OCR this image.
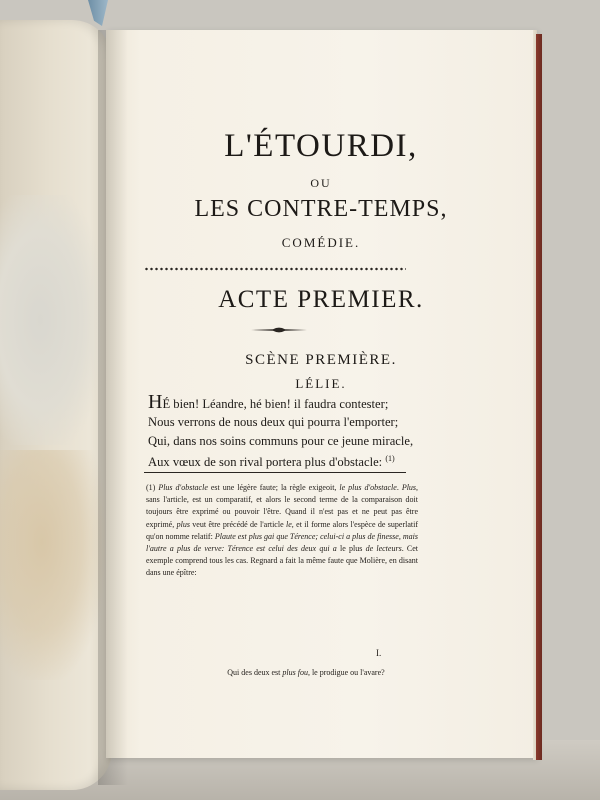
L'ÉTOURDI,
OU
LES CONTRE-TEMPS,
COMÉDIE.
ACTE PREMIER.
SCÈNE PREMIÈRE.
LÉLIE.
HÉ bien! Léandre, hé bien! il faudra contester;
Nous verrons de nous deux qui pourra l'emporter;
Qui, dans nos soins communs pour ce jeune miracle,
Aux vœux de son rival portera plus d'obstacle: $^{(1)}$

(1) Plus d'obstacle est une légère faute; la règle exigeoit, le plus d'obstacle. Plus, sans l'article, est un comparatif, et alors le second terme de la comparaison doit toujours être exprimé ou pouvoir l'être. Quand il n'est pas et ne peut pas être exprimé, plus veut être précédé de l'article le, et il forme alors l'espèce de superlatif qu'on nomme relatif: Plaute est plus gai que Térence; celui-ci a plus de finesse, mais l'autre a plus de verve: Térence est celui des deux qui a le plus de lecteurs. Cet exemple comprend tous les cas. Regnard a fait la même faute que Molière, en disant dans une épître:

I.
Qui des deux est plus fou, le prodigue ou l'avare?
